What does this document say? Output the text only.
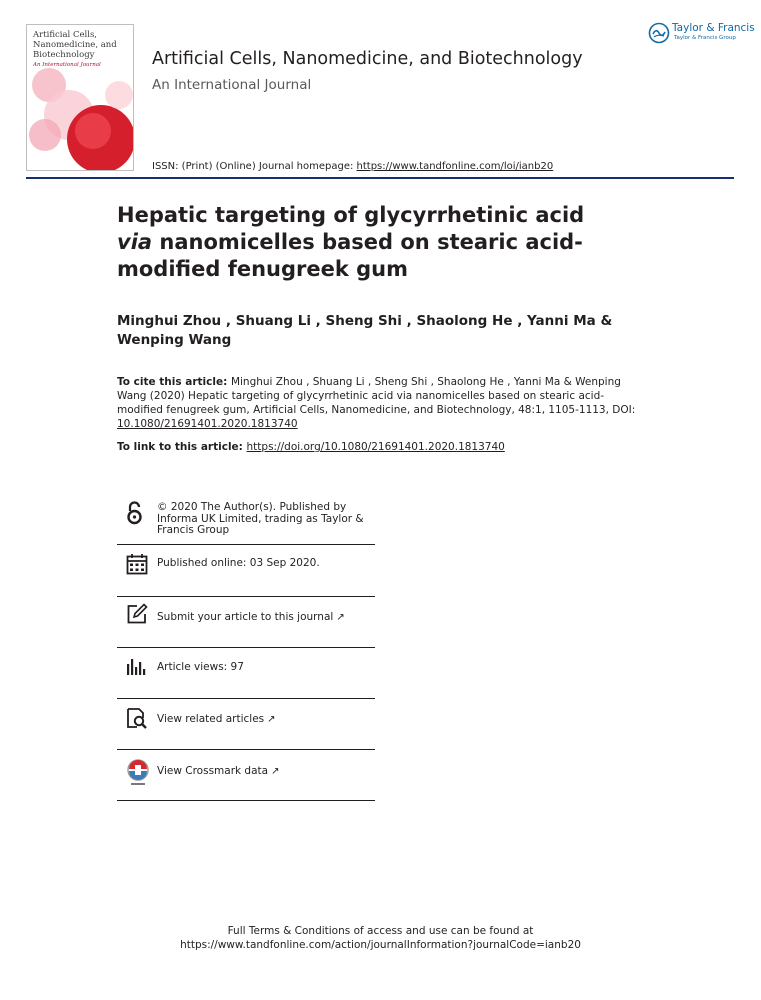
Artificial Cells, Nanomedicine, and Biotechnology
An International Journal	Artificial Cells, Nanomedicine, and Biotechnology
An International Journal
ISSN: (Print) (Online) Journal homepage: https://www.tandfonline.com/loi/ianb20
Taylor & Francis
Taylor & Francis Group
Hepatic targeting of glycyrrhetinic acid via nanomicelles based on stearic acid-modified fenugreek gum

Minghui Zhou , Shuang Li , Sheng Shi , Shaolong He , Yanni Ma & Wenping Wang

To cite this article: Minghui Zhou , Shuang Li , Sheng Shi , Shaolong He , Yanni Ma & Wenping Wang (2020) Hepatic targeting of glycyrrhetinic acid via nanomicelles based on stearic acid-modified fenugreek gum, Artificial Cells, Nanomedicine, and Biotechnology, 48:1, 1105-1113, DOI: 10.1080/21691401.2020.1813740
To link to this article: https://doi.org/10.1080/21691401.2020.1813740
© 2020 The Author(s). Published by Informa UK Limited, trading as Taylor & Francis Group
Published online: 03 Sep 2020.
Submit your article to this journal ↗
Article views: 97
View related articles ↗
View Crossmark data ↗
Full Terms & Conditions of access and use can be found at
https://www.tandfonline.com/action/journalInformation?journalCode=ianb20
